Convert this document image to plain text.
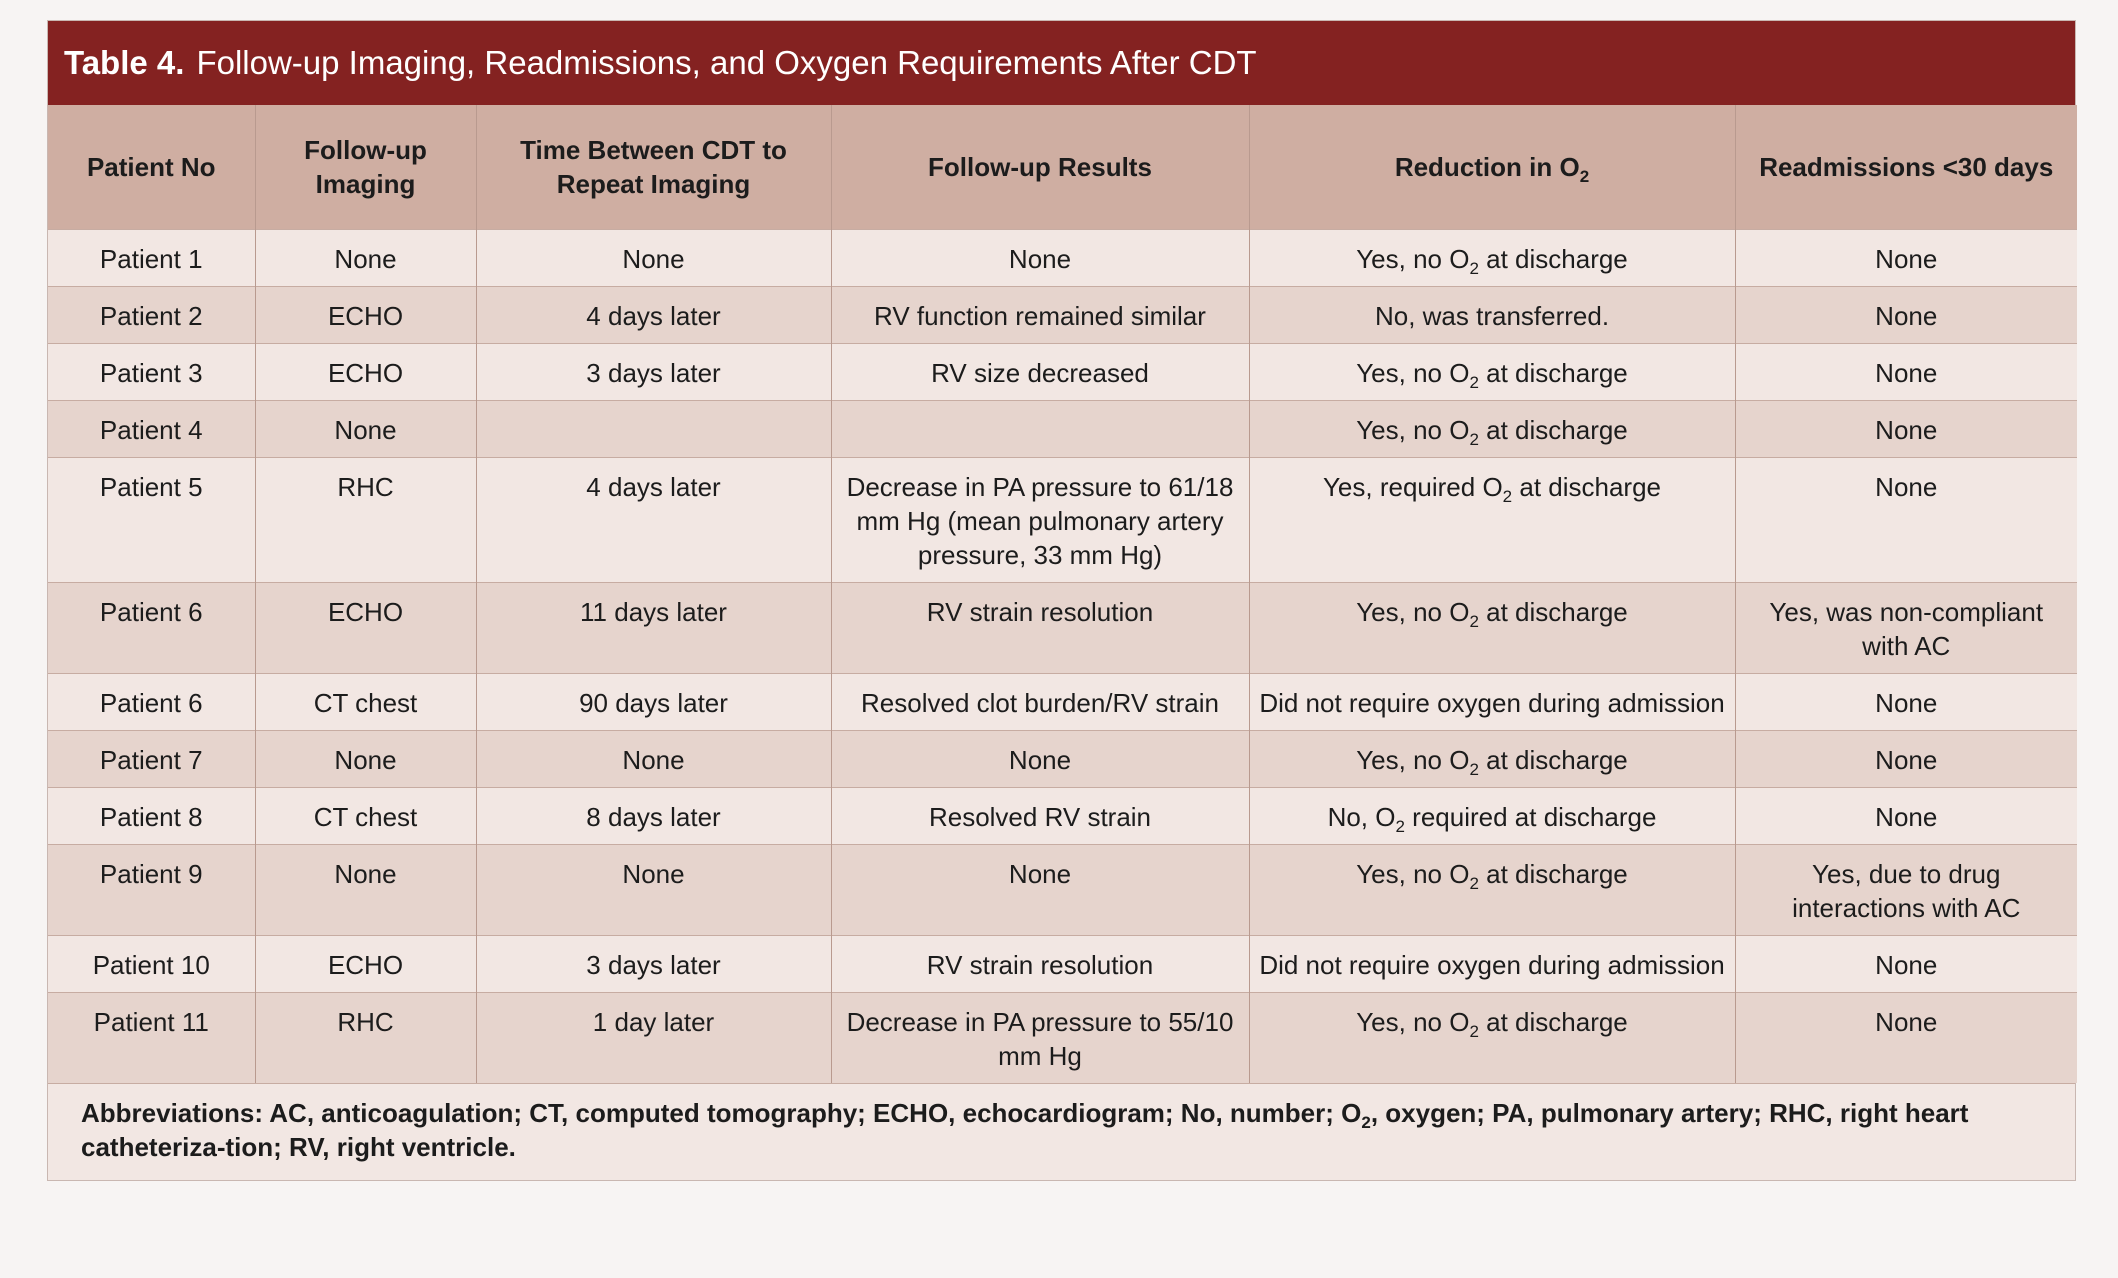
Table 4. Follow-up Imaging, Readmissions, and Oxygen Requirements After CDT
Patient No	Follow-up Imaging	Time Between CDT to Repeat Imaging	Follow-up Results	Reduction in $O_2$	Readmissions <30 days
Patient 1	None	None	None	Yes, no $O_2$ at discharge	None
Patient 2	ECHO	4 days later	RV function remained similar	No, was transferred.	None
Patient 3	ECHO	3 days later	RV size decreased	Yes, no $O_2$ at discharge	None
Patient 4	None			Yes, no $O_2$ at discharge	None
Patient 5	RHC	4 days later	Decrease in PA pressure to 61/18 mm Hg (mean pulmonary artery pressure, 33 mm Hg)	Yes, required $O_2$ at discharge	None
Patient 6	ECHO	11 days later	RV strain resolution	Yes, no $O_2$ at discharge	Yes, was non-compliant with AC
Patient 6	CT chest	90 days later	Resolved clot burden/RV strain	Did not require oxygen during admission	None
Patient 7	None	None	None	Yes, no $O_2$ at discharge	None
Patient 8	CT chest	8 days later	Resolved RV strain	No, $O_2$ required at discharge	None
Patient 9	None	None	None	Yes, no $O_2$ at discharge	Yes, due to drug interactions with AC
Patient 10	ECHO	3 days later	RV strain resolution	Did not require oxygen during admission	None
Patient 11	RHC	1 day later	Decrease in PA pressure to 55/10 mm Hg	Yes, no $O_2$ at discharge	None
Abbreviations: AC, anticoagulation; CT, computed tomography; ECHO, echocardiogram; No, number; $O_2$, oxygen; PA, pulmonary artery; RHC, right heart catheteriza-tion; RV, right ventricle.
